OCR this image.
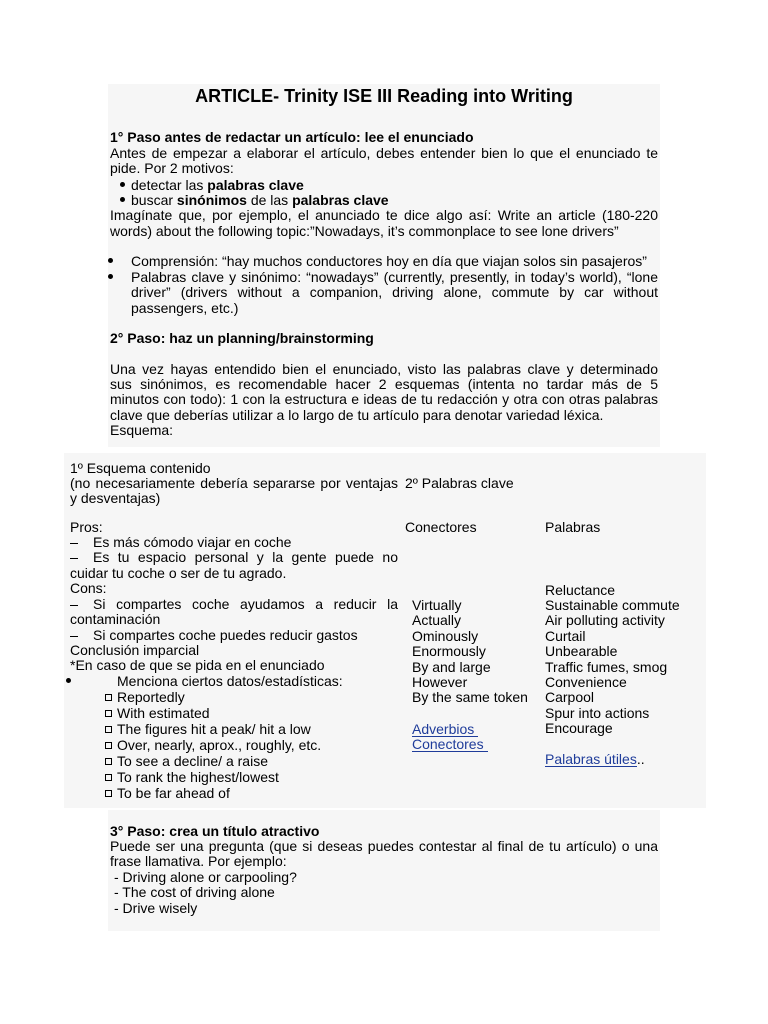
ARTICLE- Trinity ISE III Reading into Writing
1° Paso antes de redactar un artículo: lee el enunciado
Antes de empezar a elaborar el artículo, debes entender bien lo que el enunciado te
pide. Por 2 motivos:
detectar las palabras clave
buscar sinónimos de las palabras clave
Imagínate que, por ejemplo, el anunciado te dice algo así: Write an article (180-220
words) about the following topic:”Nowadays, it’s commonplace to see lone drivers”
Comprensión: “hay muchos conductores hoy en día que viajan solos sin pasajeros”
Palabras clave y sinónimo: “nowadays” (currently, presently, in today’s world), “lone
driver” (drivers without a companion, driving alone, commute by car without
passengers, etc.)
2° Paso: haz un planning/brainstorming
Una vez hayas entendido bien el enunciado, visto las palabras clave y determinado
sus sinónimos, es recomendable hacer 2 esquemas (intenta no tardar más de 5
minutos con todo): 1 con la estructura e ideas de tu redacción y otra con otras palabras
clave que deberías utilizar a lo largo de tu artículo para denotar variedad léxica.
Esquema:
1º Esquema contenido
(no necesariamente debería separarse por ventajas
y desventajas)
Pros:
Es más cómodo viajar en coche
Es tu espacio personal y la gente puede no
cuidar tu coche o ser de tu agrado.
Cons:
Si compartes coche ayudamos a reducir la
contaminación
Si compartes coche puedes reducir gastos
Conclusión imparcial
*En caso de que se pida en el enunciado
Menciona ciertos datos/estadísticas:
Reportedly
With estimated
The figures hit a peak/ hit a low
Over, nearly, aprox., roughly, etc.
To see a decline/ a raise
To rank the highest/lowest
To be far ahead of
2º Palabras clave
Conectores
Virtually
Actually
Ominously
Enormously
By and large
However
By the same token
Adverbios
Conectores
Palabras
Reluctance
Sustainable commute
Air polluting activity
Curtail
Unbearable
Traffic fumes, smog
Convenience
Carpool
Spur into actions
Encourage
Palabras útiles..
3° Paso: crea un título atractivo
Puede ser una pregunta (que si deseas puedes contestar al final de tu artículo) o una
frase llamativa. Por ejemplo:
- Driving alone or carpooling?
- The cost of driving alone
- Drive wisely
